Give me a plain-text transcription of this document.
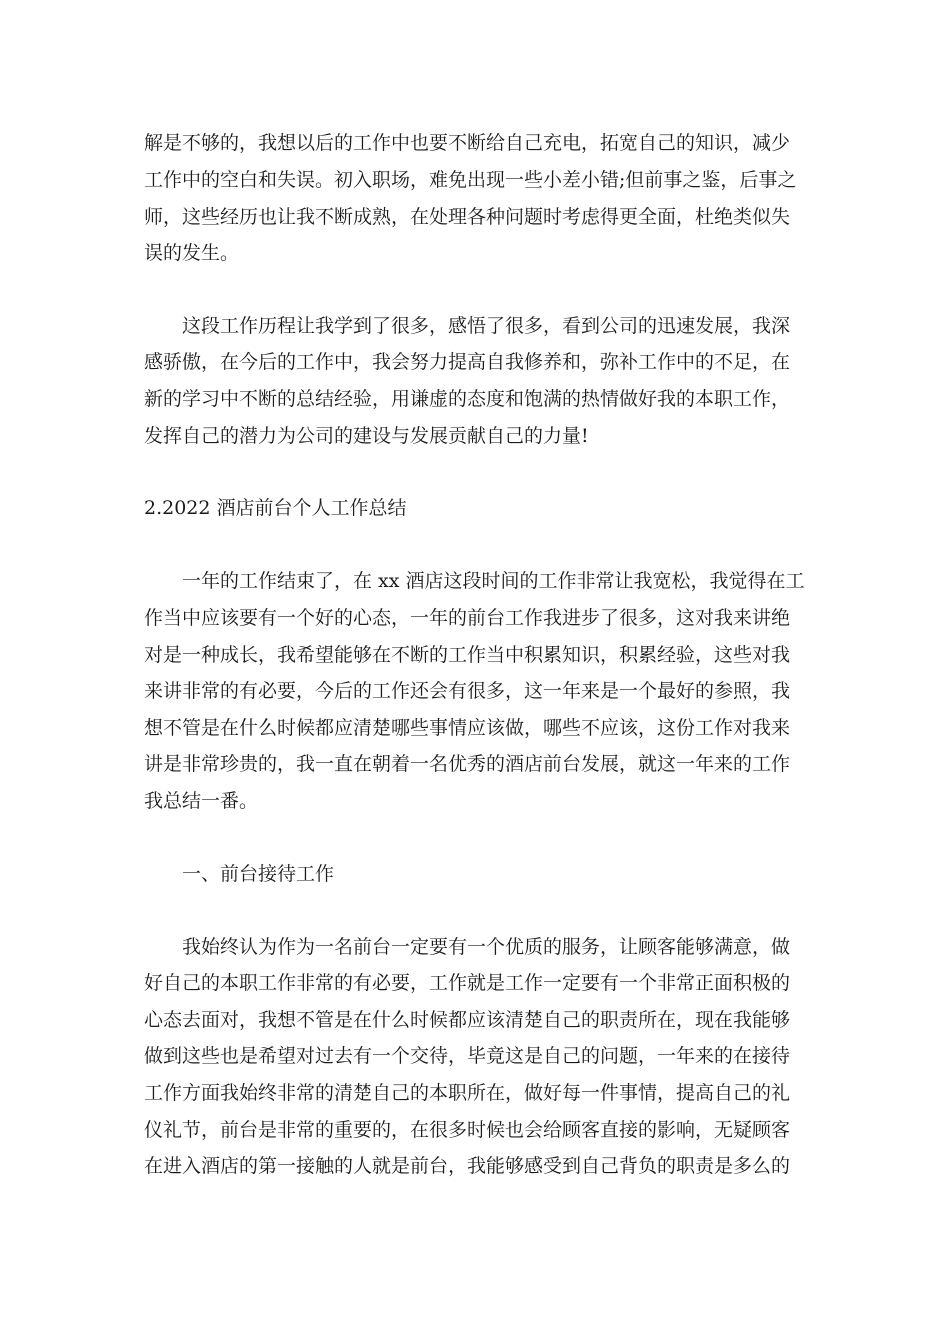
解是不够的，我想以后的工作中也要不断给自己充电，拓宽自己的知识，减少

工作中的空白和失误。初入职场，难免出现一些小差小错;但前事之鉴，后事之

师，这些经历也让我不断成熟，在处理各种问题时考虑得更全面，杜绝类似失

误的发生。

这段工作历程让我学到了很多，感悟了很多，看到公司的迅速发展，我深

感骄傲，在今后的工作中，我会努力提高自我修养和，弥补工作中的不足，在

新的学习中不断的总结经验，用谦虚的态度和饱满的热情做好我的本职工作，

发挥自己的潜力为公司的建设与发展贡献自己的力量!

2.2022 酒店前台个人工作总结

一年的工作结束了，在 xx 酒店这段时间的工作非常让我宽松，我觉得在工

作当中应该要有一个好的心态，一年的前台工作我进步了很多，这对我来讲绝

对是一种成长，我希望能够在不断的工作当中积累知识，积累经验，这些对我

来讲非常的有必要，今后的工作还会有很多，这一年来是一个最好的参照，我

想不管是在什么时候都应清楚哪些事情应该做，哪些不应该，这份工作对我来

讲是非常珍贵的，我一直在朝着一名优秀的酒店前台发展，就这一年来的工作

我总结一番。

一、前台接待工作

我始终认为作为一名前台一定要有一个优质的服务，让顾客能够满意，做

好自己的本职工作非常的有必要，工作就是工作一定要有一个非常正面积极的

心态去面对，我想不管是在什么时候都应该清楚自己的职责所在，现在我能够

做到这些也是希望对过去有一个交待，毕竟这是自己的问题，一年来的在接待

工作方面我始终非常的清楚自己的本职所在，做好每一件事情，提高自己的礼

仪礼节，前台是非常的重要的，在很多时候也会给顾客直接的影响，无疑顾客

在进入酒店的第一接触的人就是前台，我能够感受到自己背负的职责是多么的
